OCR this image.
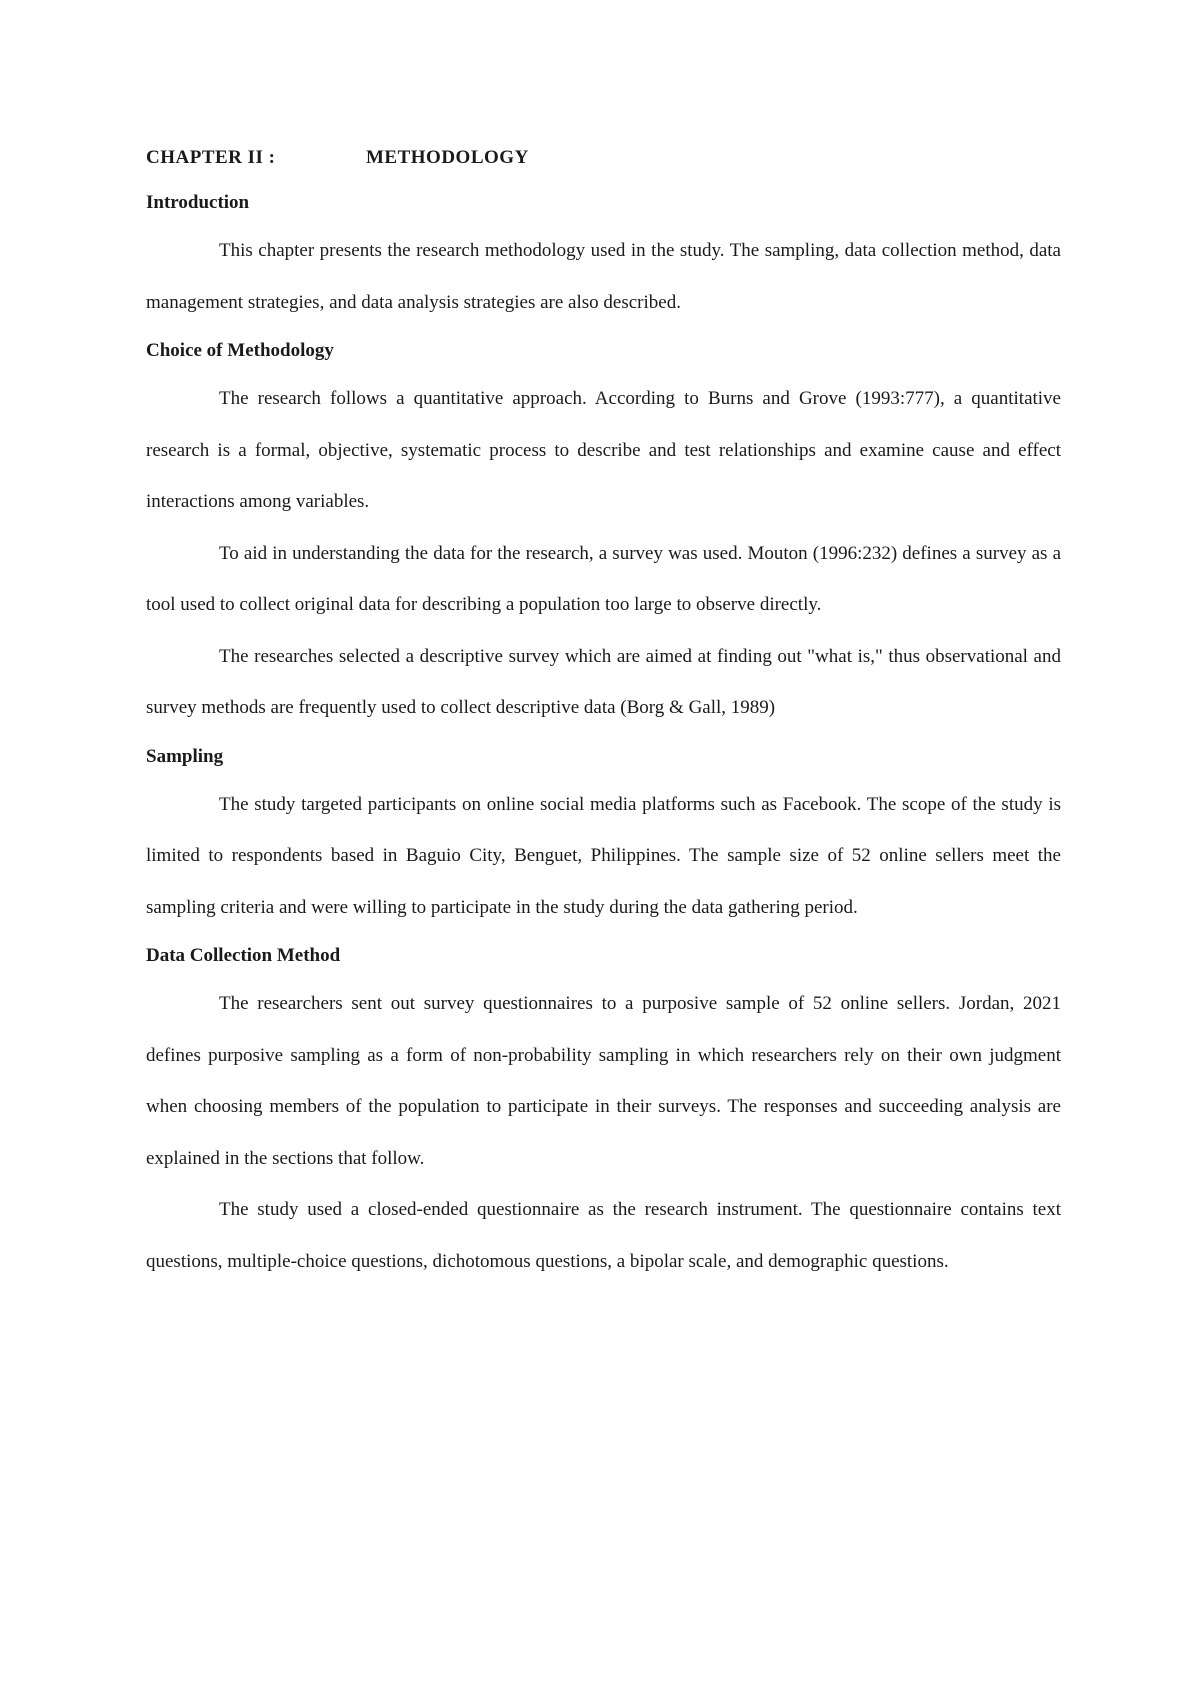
CHAPTER II :	METHODOLOGY
Introduction

This chapter presents the research methodology used in the study. The sampling, data collection method, data management strategies, and data analysis strategies are also described.

Choice of Methodology

The research follows a quantitative approach. According to Burns and Grove (1993:777), a quantitative research is a formal, objective, systematic process to describe and test relationships and examine cause and effect interactions among variables.

To aid in understanding the data for the research, a survey was used. Mouton (1996:232) defines a survey as a tool used to collect original data for describing a population too large to observe directly.

The researches selected a descriptive survey which are aimed at finding out "what is," thus observational and survey methods are frequently used to collect descriptive data (Borg & Gall, 1989)

Sampling

The study targeted participants on online social media platforms such as Facebook. The scope of the study is limited to respondents based in Baguio City, Benguet, Philippines. The sample size of 52 online sellers meet the sampling criteria and were willing to participate in the study during the data gathering period.

Data Collection Method

The researchers sent out survey questionnaires to a purposive sample of 52 online sellers. Jordan, 2021 defines purposive sampling as a form of non-probability sampling in which researchers rely on their own judgment when choosing members of the population to participate in their surveys. The responses and succeeding analysis are explained in the sections that follow.

The study used a closed-ended questionnaire as the research instrument. The questionnaire contains text questions, multiple-choice questions, dichotomous questions, a bipolar scale, and demographic questions.
